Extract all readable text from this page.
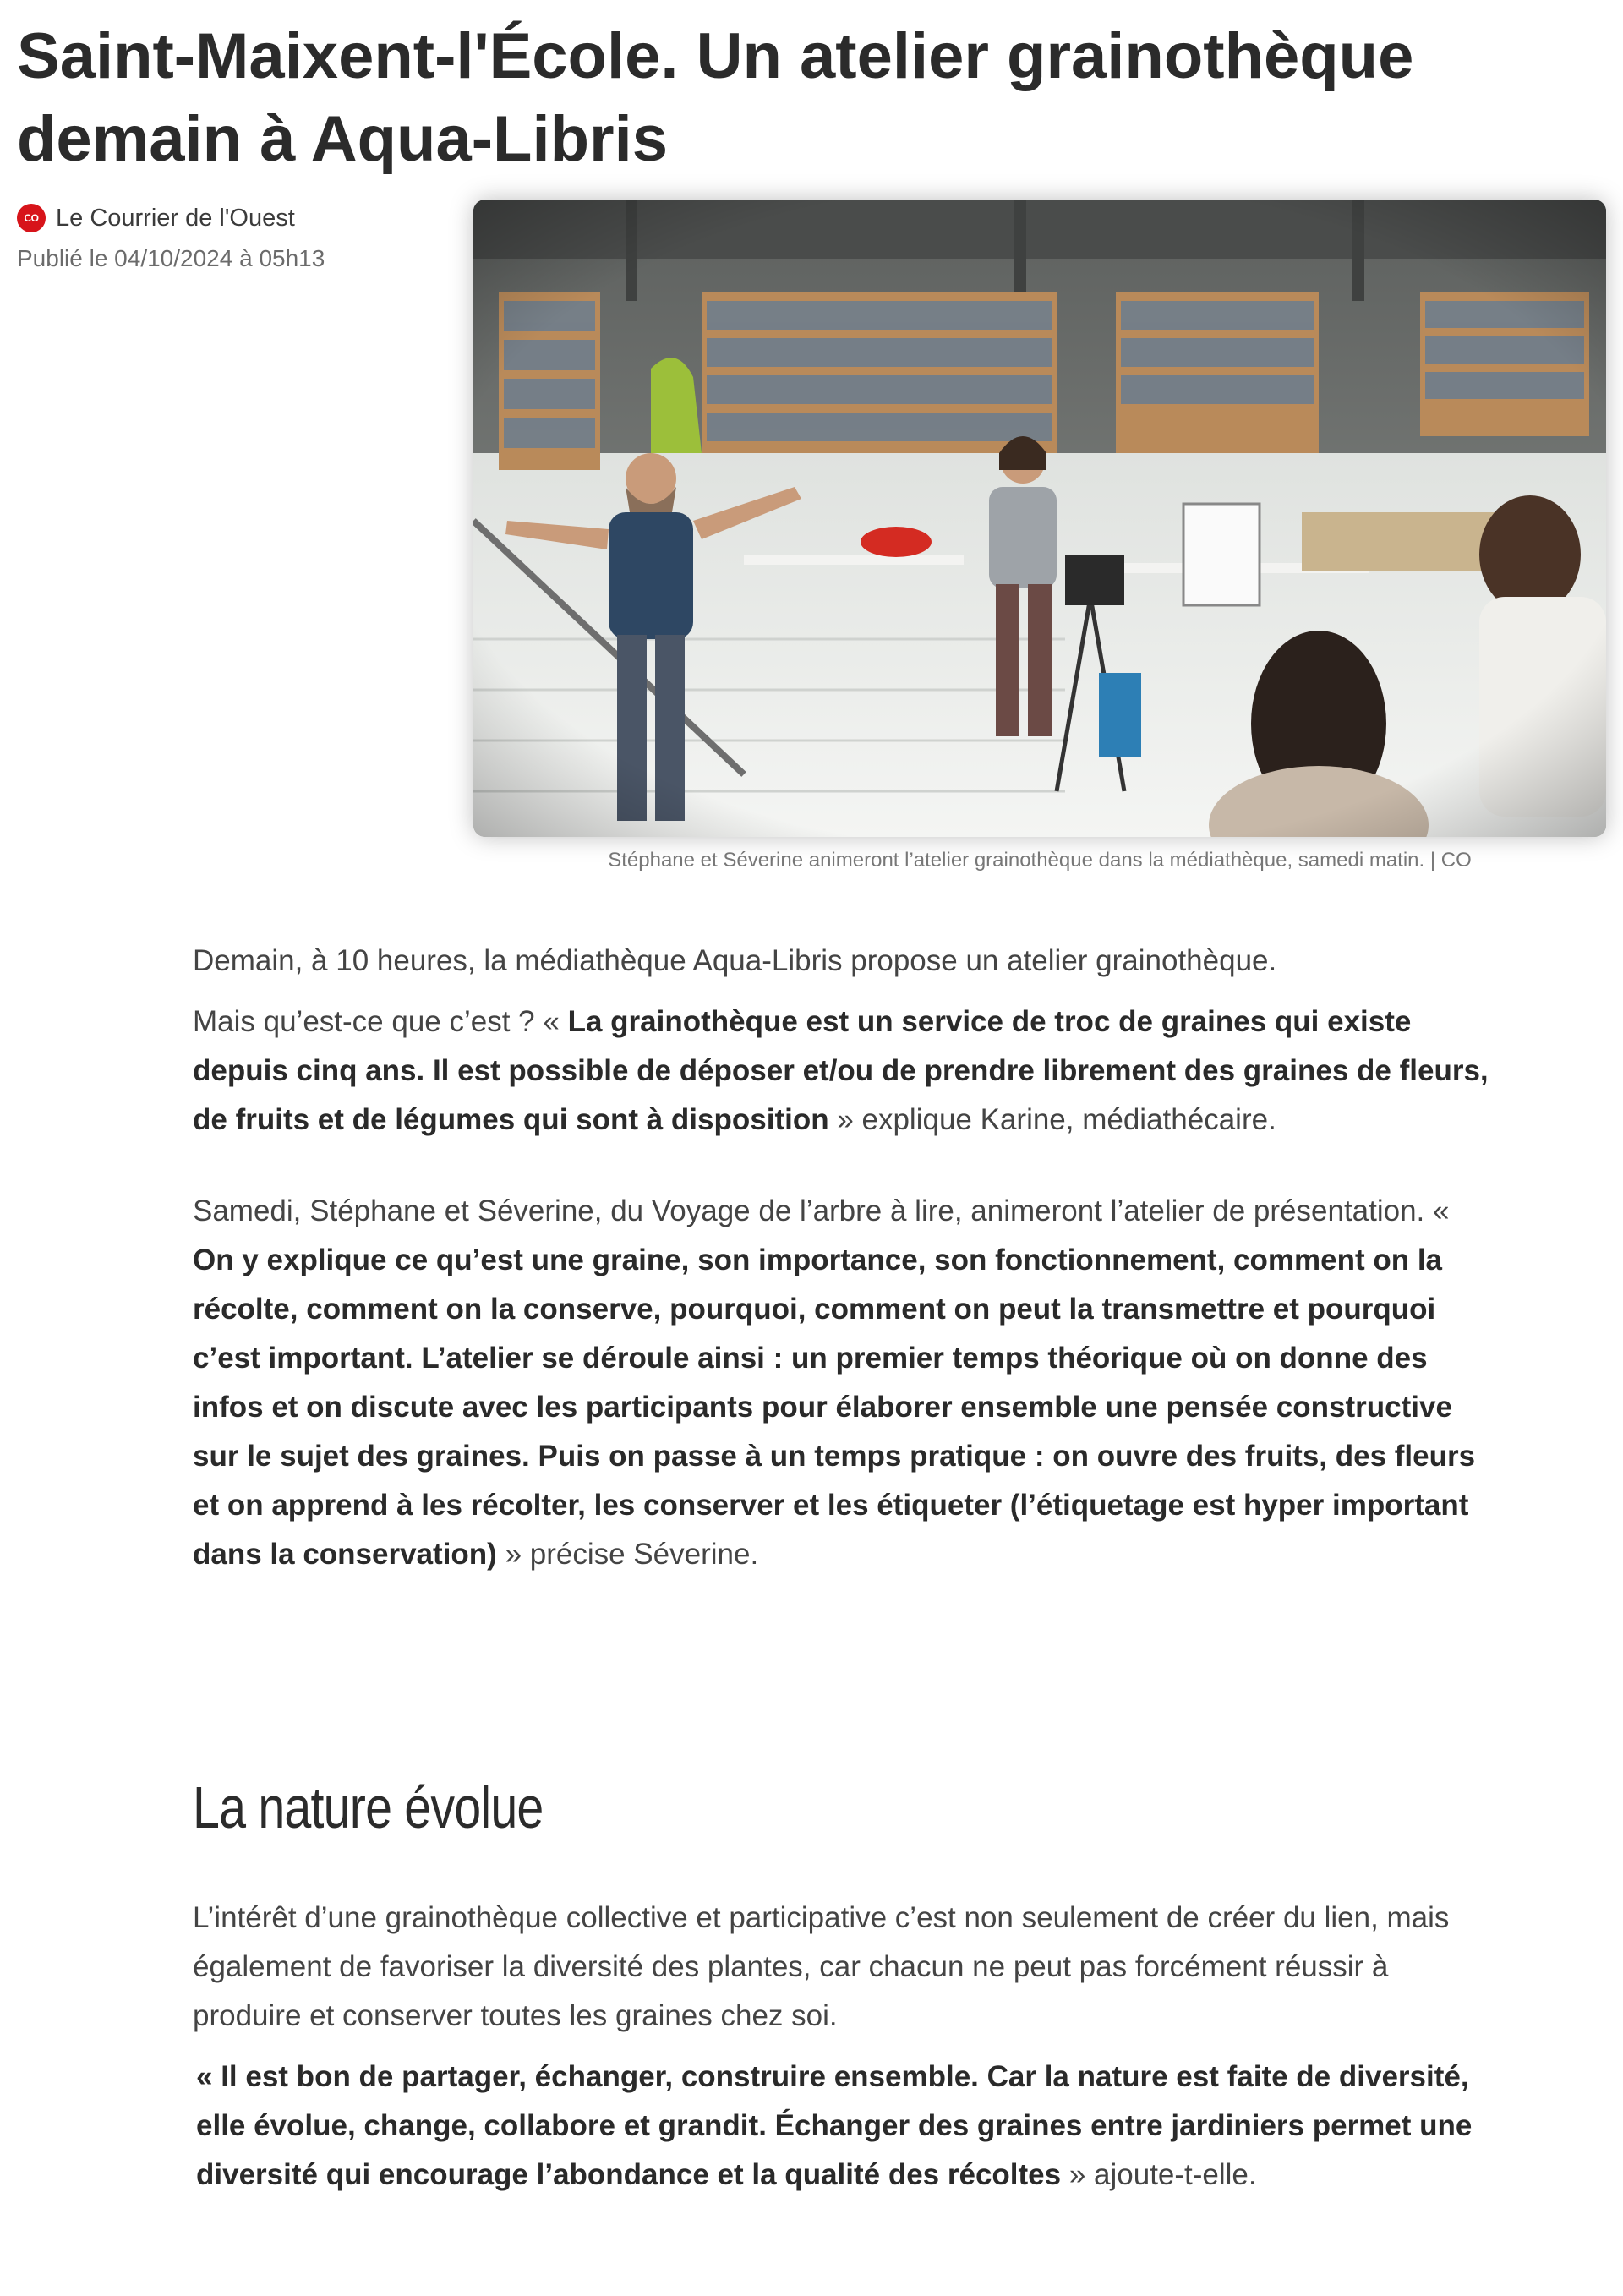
Saint-Maixent-l'École. Un atelier grainothèque demain à Aqua-Libris
CO Le Courrier de l'Ouest
Publié le 04/10/2024 à 05h13
Stéphane et Séverine animeront l’atelier grainothèque dans la médiathèque, samedi matin. | CO

Demain, à 10 heures, la médiathèque Aqua-Libris propose un atelier grainothèque.

Mais qu’est-ce que c’est ? « La grainothèque est un service de troc de graines qui existe depuis cinq ans. Il est possible de déposer et/ou de prendre librement des graines de fleurs, de fruits et de légumes qui sont à disposition » explique Karine, médiathécaire.

Samedi, Stéphane et Séverine, du Voyage de l’arbre à lire, animeront l’atelier de présentation. « On y explique ce qu’est une graine, son importance, son fonctionnement, comment on la récolte, comment on la conserve, pourquoi, comment on peut la transmettre et pourquoi c’est important. L’atelier se déroule ainsi : un premier temps théorique où on donne des infos et on discute avec les participants pour élaborer ensemble une pensée constructive sur le sujet des graines. Puis on passe à un temps pratique : on ouvre des fruits, des fleurs et on apprend à les récolter, les conserver et les étiqueter (l’étiquetage est hyper important dans la conservation) » précise Séverine.

La nature évolue

L’intérêt d’une grainothèque collective et participative c’est non seulement de créer du lien, mais également de favoriser la diversité des plantes, car chacun ne peut pas forcément réussir à produire et conserver toutes les graines chez soi.

« Il est bon de partager, échanger, construire ensemble. Car la nature est faite de diversité, elle évolue, change, collabore et grandit. Échanger des graines entre jardiniers permet une diversité qui encourage l’abondance et la qualité des récoltes » ajoute-t-elle.
